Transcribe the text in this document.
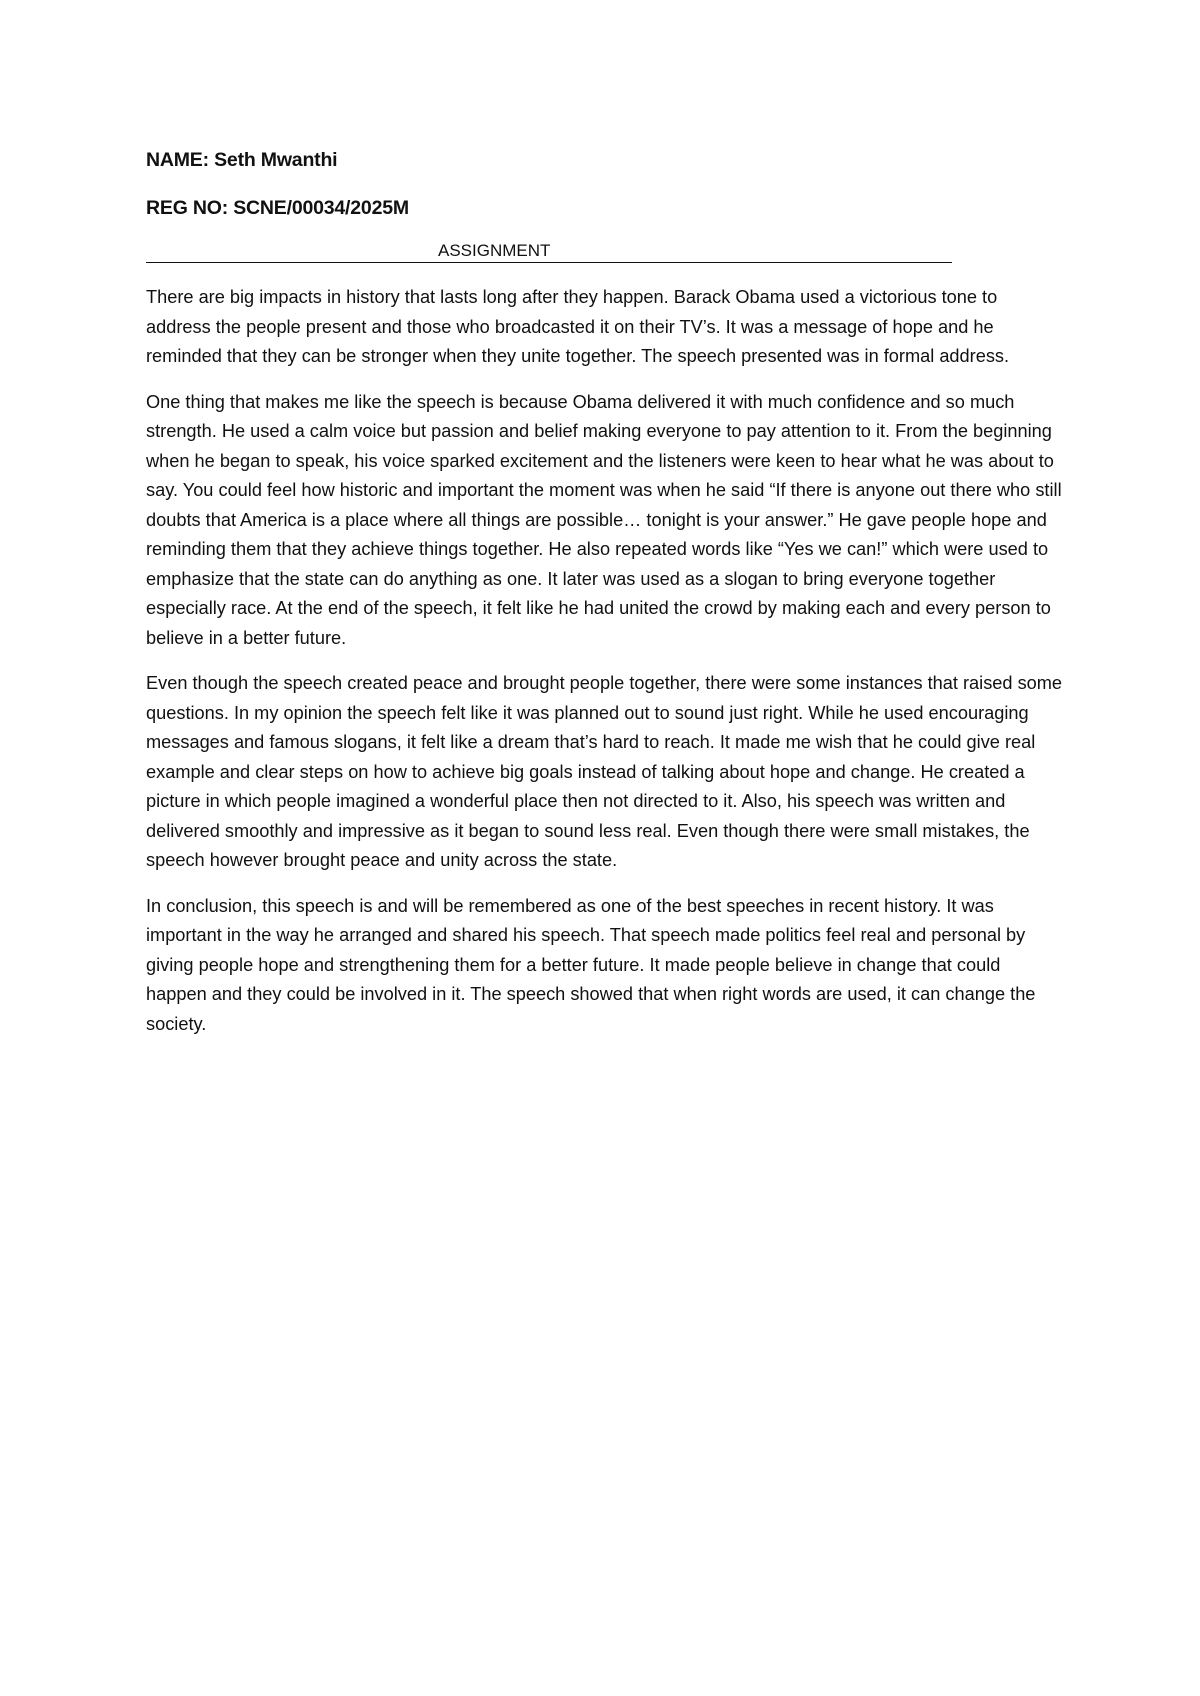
NAME: Seth Mwanthi

REG NO: SCNE/00034/2025M

ASSIGNMENT

There are big impacts in history that lasts long after they happen. Barack Obama used a victorious tone to address the people present and those who broadcasted it on their TV’s. It was a message of hope and he reminded that they can be stronger when they unite together. The speech presented was in formal address.

One thing that makes me like the speech is because Obama delivered it with much confidence and so much strength. He used a calm voice but passion and belief making everyone to pay attention to it. From the beginning when he began to speak, his voice sparked excitement and the listeners were keen to hear what he was about to say. You could feel how historic and important the moment was when he said “If there is anyone out there who still doubts that America is a place where all things are possible… tonight is your answer.” He gave people hope and reminding them that they achieve things together. He also repeated words like “Yes we can!” which were used to emphasize that the state can do anything as one. It later was used as a slogan to bring everyone together especially race. At the end of the speech, it felt like he had united the crowd by making each and every person to believe in a better future.

Even though the speech created peace and brought people together, there were some instances that raised some questions. In my opinion the speech felt like it was planned out to sound just right. While he used encouraging messages and famous slogans, it felt like a dream that’s hard to reach. It made me wish that he could give real example and clear steps on how to achieve big goals instead of talking about hope and change. He created a picture in which people imagined a wonderful place then not directed to it. Also, his speech was written and delivered smoothly and impressive as it began to sound less real. Even though there were small mistakes, the speech however brought peace and unity across the state.

In conclusion, this speech is and will be remembered as one of the best speeches in recent history. It was important in the way he arranged and shared his speech. That speech made politics feel real and personal by giving people hope and strengthening them for a better future. It made people believe in change that could happen and they could be involved in it. The speech showed that when right words are used, it can change the society.
